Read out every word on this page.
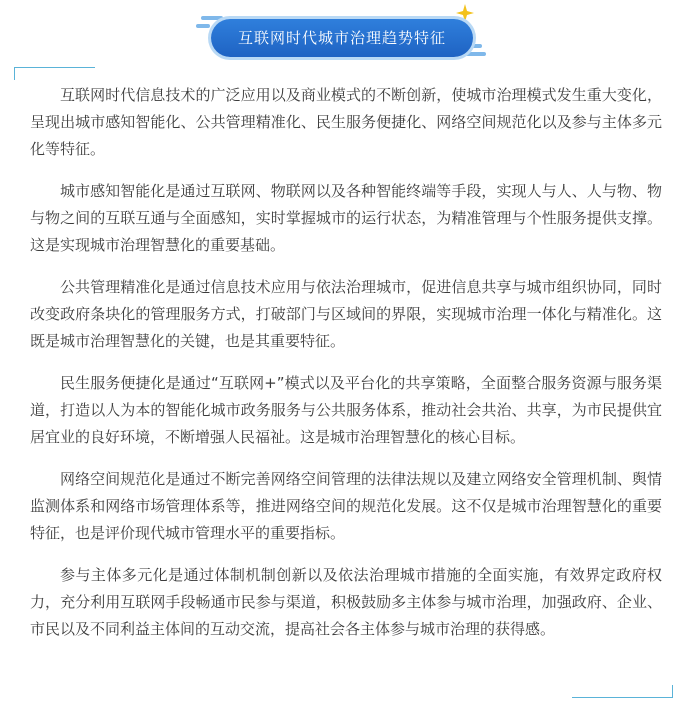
互联网时代城市治理趋势特征

互联网时代信息技术的广泛应用以及商业模式的不断创新，使城市治理模式发生重大变化，呈现出城市感知智能化、公共管理精准化、民生服务便捷化、网络空间规范化以及参与主体多元化等特征。

城市感知智能化是通过互联网、物联网以及各种智能终端等手段，实现人与人、人与物、物与物之间的互联互通与全面感知，实时掌握城市的运行状态，为精准管理与个性服务提供支撑。这是实现城市治理智慧化的重要基础。

公共管理精准化是通过信息技术应用与依法治理城市，促进信息共享与城市组织协同，同时改变政府条块化的管理服务方式，打破部门与区域间的界限，实现城市治理一体化与精准化。这既是城市治理智慧化的关键，也是其重要特征。

民生服务便捷化是通过“互联网+”模式以及平台化的共享策略，全面整合服务资源与服务渠道，打造以人为本的智能化城市政务服务与公共服务体系，推动社会共治、共享，为市民提供宜居宜业的良好环境，不断增强人民福祉。这是城市治理智慧化的核心目标。

网络空间规范化是通过不断完善网络空间管理的法律法规以及建立网络安全管理机制、舆情监测体系和网络市场管理体系等，推进网络空间的规范化发展。这不仅是城市治理智慧化的重要特征，也是评价现代城市管理水平的重要指标。

参与主体多元化是通过体制机制创新以及依法治理城市措施的全面实施，有效界定政府权力，充分利用互联网手段畅通市民参与渠道，积极鼓励多主体参与城市治理，加强政府、企业、市民以及不同利益主体间的互动交流，提高社会各主体参与城市治理的获得感。
